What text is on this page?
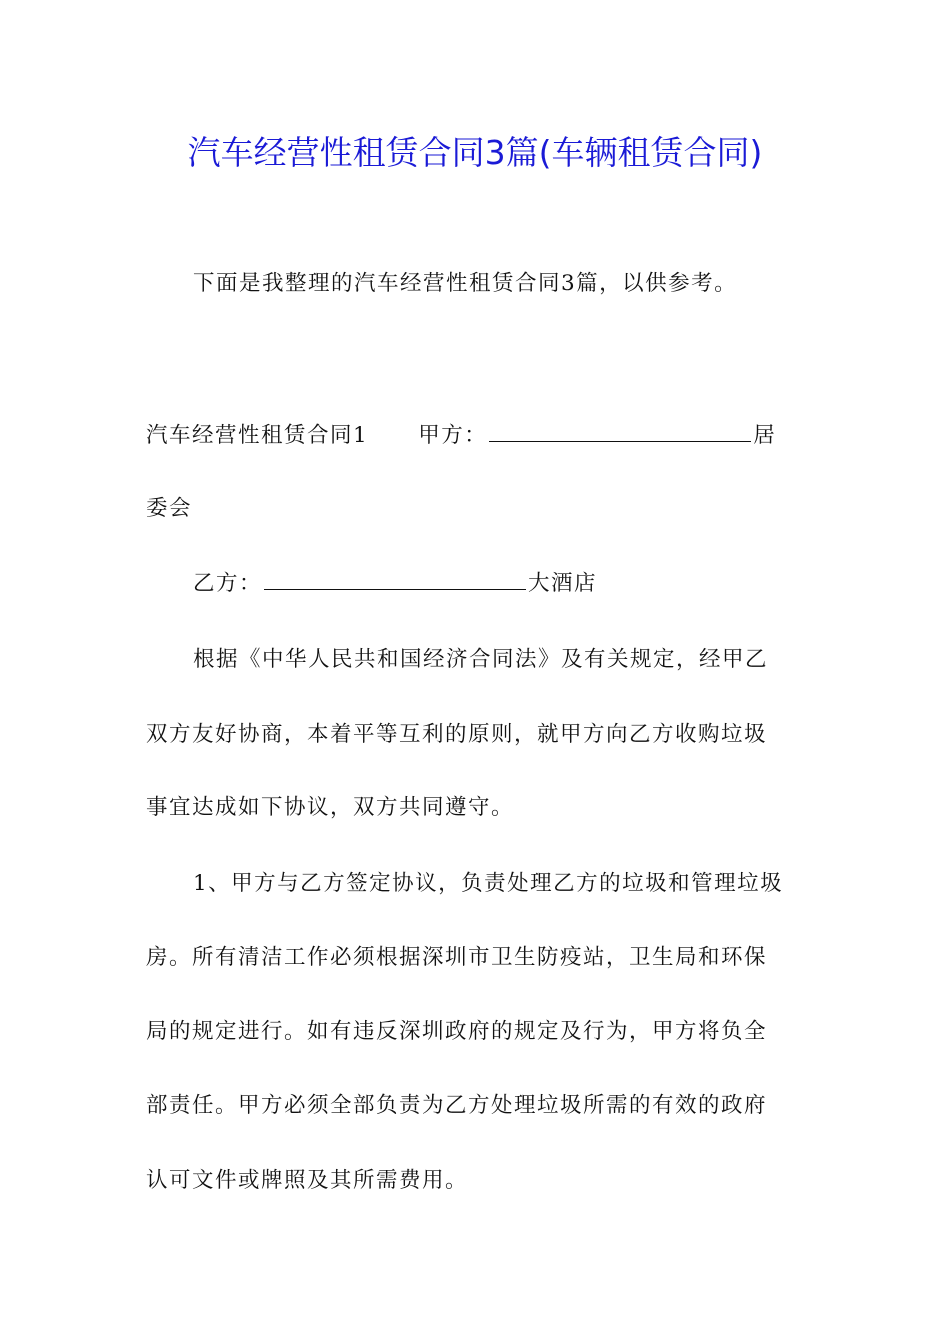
汽车经营性租赁合同3篇(车辆租赁合同)

下面是我整理的汽车经营性租赁合同3篇，以供参考。

汽车经营性租赁合同1 甲方：	居

委会

乙方：	大酒店

根据《中华人民共和国经济合同法》及有关规定，经甲乙

双方友好协商，本着平等互利的原则，就甲方向乙方收购垃圾

事宜达成如下协议，双方共同遵守。

1、甲方与乙方签定协议，负责处理乙方的垃圾和管理垃圾

房。所有清洁工作必须根据深圳市卫生防疫站，卫生局和环保

局的规定进行。如有违反深圳政府的规定及行为，甲方将负全

部责任。甲方必须全部负责为乙方处理垃圾所需的有效的政府

认可文件或牌照及其所需费用。
